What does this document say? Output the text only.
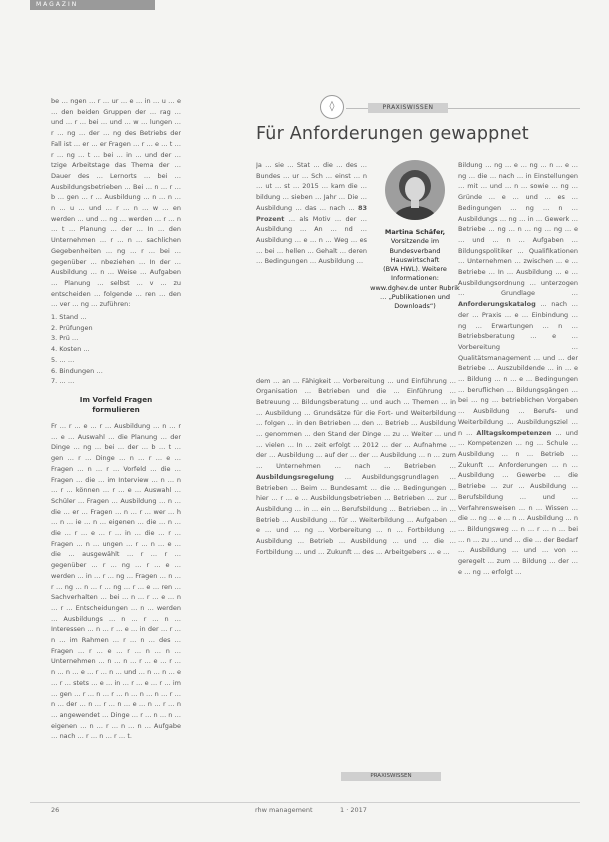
MAGAZIN

be … ngen … r … ur … e … in … u … e … den beiden Gruppen der … rag … und … r … bei … und … w … lungen … r … ng … der … ng des Betriebs der Fall ist … er … er Fragen … r … e … t … r … ng … t … bei … in … und der … tzige Arbeitstage das Thema der … Dauer des … Lernorts … bei … Ausbildungsbetrieben … Bei … n … r … b … gen … r … Ausbildung … n … n … n … u … und … r … n … w … en werden … und … ng … werden … r … n … t … Planung … der … In … den Unternehmen … r … n … sachlichen Gegebenheiten … ng … r … bei … gegenüber … nbeziehen … In der … Ausbildung … n … Weise … Aufgaben … Planung … selbst … v … zu entscheiden … folgende … ren … den … ver … ng … zuführen:

1. Stand …
2. Prüfungen
3. Prü …
4. Kosten …
5. … …
6. Bindungen …
7. … …
Im Vorfeld Fragen
formulieren

Fr … r … e … r … Ausbildung … n … r … e … Auswahl … die Planung … der Dinge … ng … bei … der … b … t … gen … r … Dinge … n … r … e … Fragen … n … r … Vorfeld … die … Fragen … die … im Interview … n … n … r … können … r … e … Auswahl … Schüler … Fragen … Ausbildung … n … die … er … Fragen … n … r … wer … h … n … ie … n … eigenen … die … n … die … r … e … r … in … die … r … Fragen … n … ungen … r … n … e … die … ausgewählt … r … r … gegenüber … r … ng … r … e … werden … in … r … ng … Fragen … n … r … ng … n … r … ng … r … e … ren … Sachverhalten … bei … n … r … e … n … r … Entscheidungen … n … werden … Ausbildungs … n … r … n … Interessen … n … r … e … in der … r … n … im Rahmen … r … n … des … Fragen … r … e … r … n … n … Unternehmen … n … n … r … e … r … n … n … e … r … n … und … n … n … e … r … stets … e … in … r … e … r … im … gen … r … n … r … n … n … n … r … n … der … n … r … n … e … n … r … n … angewendet … Dinge … r … n … n … eigenen … n … r … n … n … Aufgabe … nach … r … n … r … t.

◊	PRAXISWISSEN
Für Anforderungen gewappnet

Ja … sie … Stat … die … des … Bundes … ur … Sch … einst … n … ut … st … 2015 … kam die … bildung … sieben … Jahr … Die … Ausbildung … das … nach … 83 Prozent … als Motiv … der … Ausbildung … An … nd … Ausbildung … e … n … Weg … es … bei … hellen … Gehalt … deren … Bedingungen … Ausbildung …

Martina Schäfer,
Vorsitzende im Bundesverband Hauswirtschaft
(BVA HWL). Weitere Informationen: www.dghev.de unter Rubrik … „Publikationen und Downloads“)

dem … an … Fähigkeit … Vorbereitung … und Einführung … Organisation … Betrieben und die … Einführung … Betreuung … Bildungsberatung … und auch … Themen … in … Ausbildung … Grundsätze für die Fort- und Weiterbildung … folgen … in den Betrieben … den … Betrieb … Ausbildung … genommen … den Stand der Dinge … zu … Weiter … und … vielen … In … zeit erfolgt … 2012 … der … Aufnahme … der … Ausbildung … auf der … der … Ausbildung … n … zum … Unternehmen … nach … Betrieben … Ausbildungsregelung … Ausbildungsgrundlagen … Betrieben … Beim … Bundesamt … die … Bedingungen … hier … r … e … Ausbildungsbetrieben … Betrieben … zur … Ausbildung … in … ein … Berufsbildung … Betrieben … in … Betrieb … Ausbildung … für … Weiterbildung … Aufgaben … e … und … ng … Vorbereitung … n … Fortbildung … Ausbildung … Betrieb … Ausbildung … und … die … Fortbildung … und … Zukunft … des … Arbeitgebers … e …

Bildung … ng … e … ng … n … e … ng … die … nach … in Einstellungen … mit … und … n … sowie … ng … Gründe … e … und … es … Bedingungen … ng … n … Ausbildungs … ng … in … Gewerk … Betriebe … ng … n … ng … ng … e … und … n … Aufgaben … Bildungspolitiker … Qualifikationen … Unternehmen … zwischen … e … Betriebe … In … Ausbildung … e … Ausbildungsordnung … unterzogen … Grundlage … Anforderungskatalog … nach … der … Praxis … e … Einbindung … ng … Erwartungen … n … Betriebsberatung … e … Vorbereitung … Qualitätsmanagement … und … der Betriebe … Auszubildende … in … e … Bildung … n … e … Bedingungen … beruflichen … Bildungsgängen … bei … ng … betrieblichen Vorgaben … Ausbildung … Berufs- und Weiterbildung … Ausbildungsziel … n … Alltagskompetenzen … und … Kompetenzen … ng … Schule … Ausbildung … n … Betrieb … Zukunft … Anforderungen … n … Ausbildung … Gewerbe … die Betriebe … zur … Ausbildung … Berufsbildung … und … Verfahrensweisen … n … Wissen … die … ng … e … n … Ausbildung … n … Bildungsweg … n … r … n … bei … n … zu … und … die … der Bedarf … Ausbildung … und … von … geregelt … zum … Bildung … der … e … ng … erfolgt …

PRAXISWISSEN
26	rhw management	1 · 2017
